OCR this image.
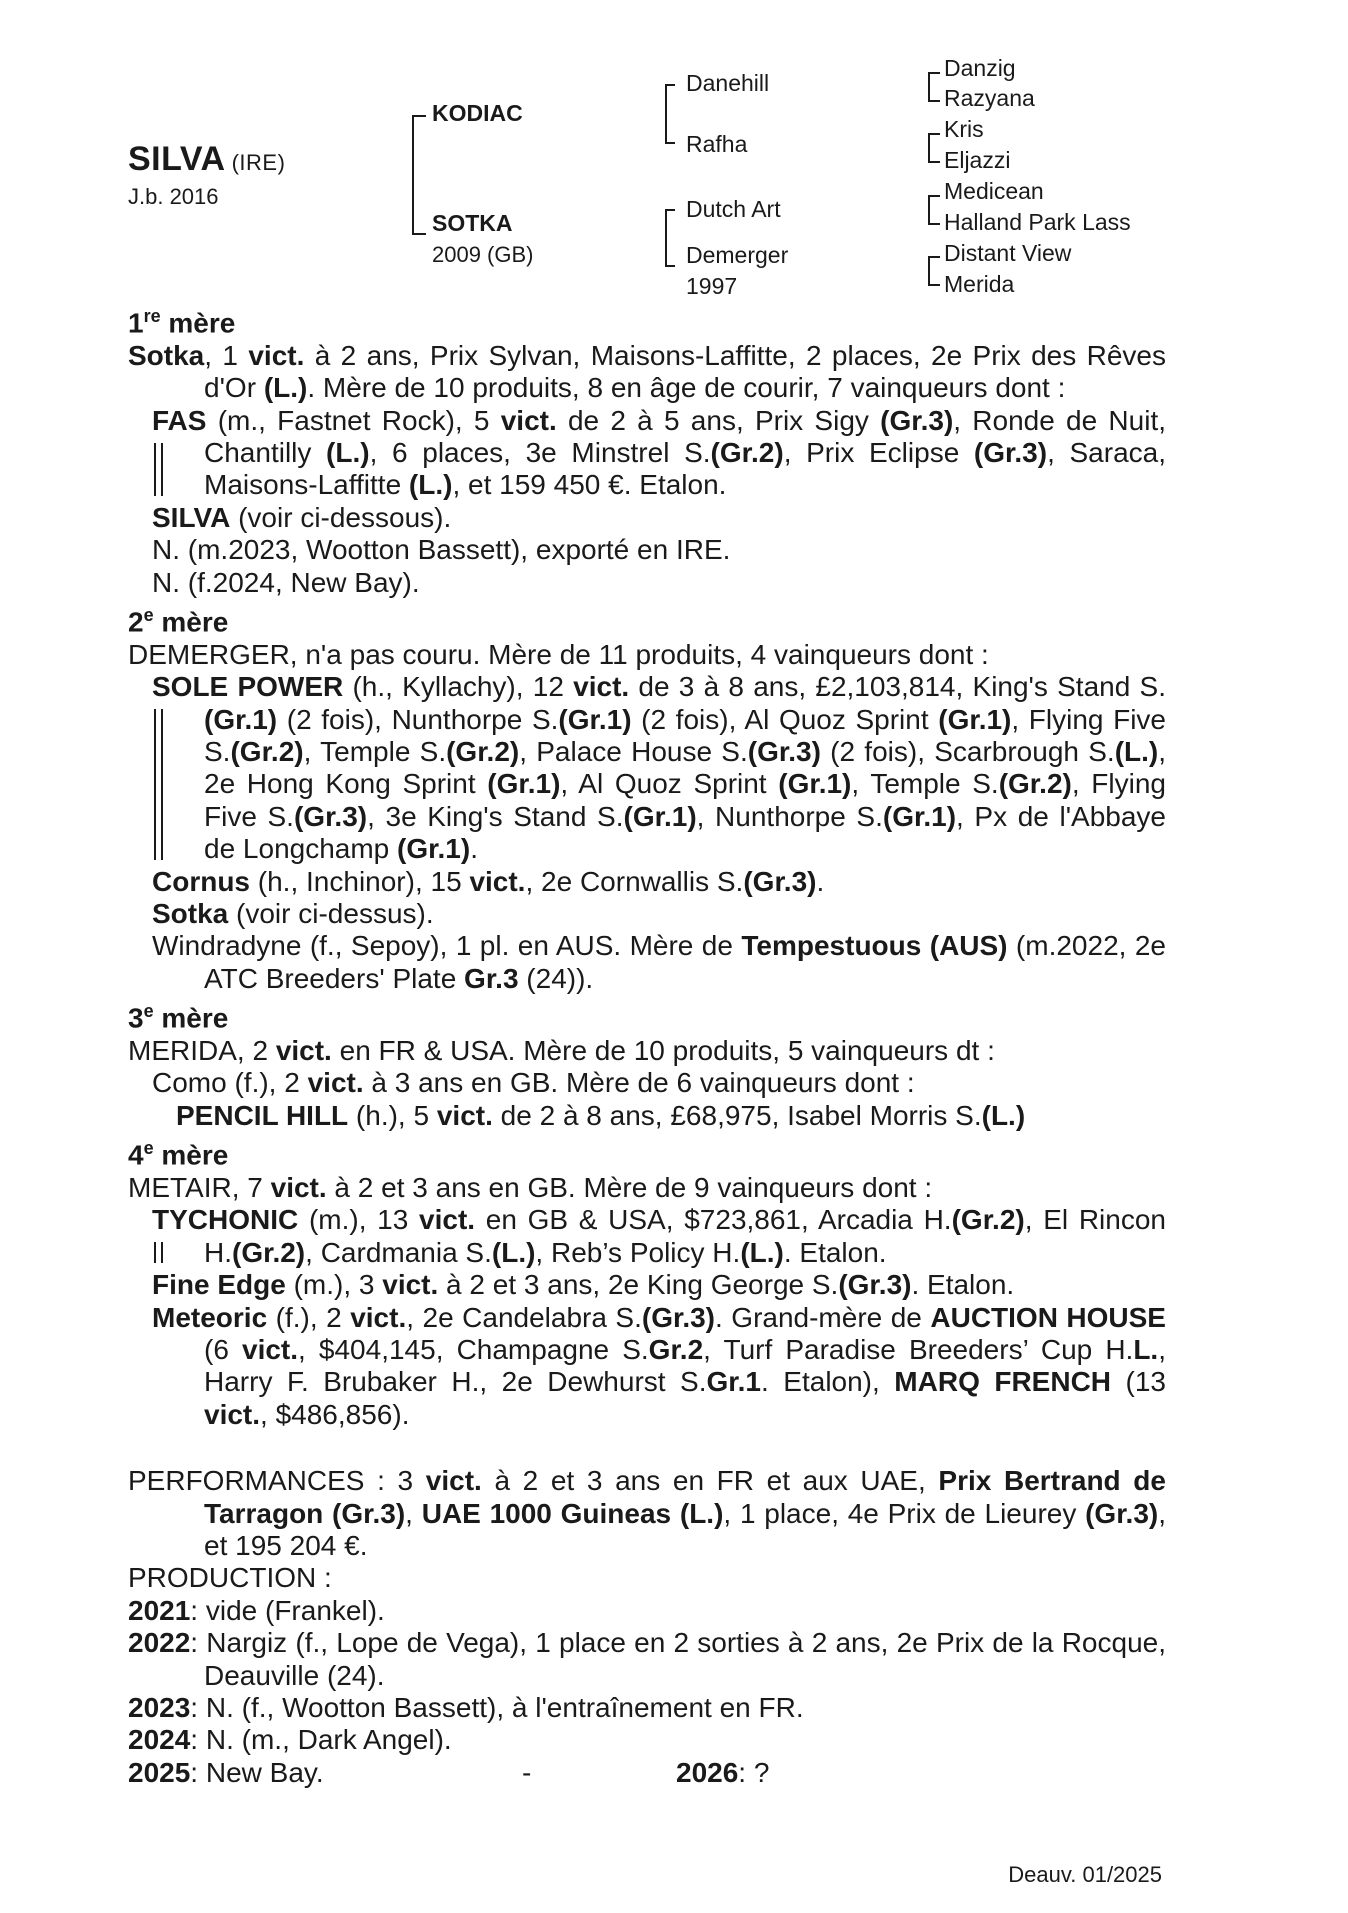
SILVA (IRE)
J.b. 2016
KODIAC
SOTKA
2009 (GB)
Danehill
Rafha
Dutch Art
Demerger
1997
Danzig
Razyana
Kris
Eljazzi
Medicean
Halland Park Lass
Distant View
Merida
1re mère
Sotka, 1 vict. à 2 ans, Prix Sylvan, Maisons-Laffitte, 2 places, 2e Prix des Rêves d'Or (L.). Mère de 10 produits, 8 en âge de courir, 7 vainqueurs dont :
FAS (m., Fastnet Rock), 5 vict. de 2 à 5 ans, Prix Sigy (Gr.3), Ronde de Nuit, Chantilly (L.), 6 places, 3e Minstrel S.(Gr.2), Prix Eclipse (Gr.3), Saraca, Maisons-Laffitte (L.), et 159 450 €. Etalon.
SILVA (voir ci-dessous).
N. (m.2023, Wootton Bassett), exporté en IRE.
N. (f.2024, New Bay).
2e mère
DEMERGER, n'a pas couru. Mère de 11 produits, 4 vainqueurs dont :
SOLE POWER (h., Kyllachy), 12 vict. de 3 à 8 ans, £2,103,814, King's Stand S.(Gr.1) (2 fois), Nunthorpe S.(Gr.1) (2 fois), Al Quoz Sprint (Gr.1), Flying Five S.(Gr.2), Temple S.(Gr.2), Palace House S.(Gr.3) (2 fois), Scarbrough S.(L.), 2e Hong Kong Sprint (Gr.1), Al Quoz Sprint (Gr.1), Temple S.(Gr.2), Flying Five S.(Gr.3), 3e King's Stand S.(Gr.1), Nunthorpe S.(Gr.1), Px de l'Abbaye de Longchamp (Gr.1).
Cornus (h., Inchinor), 15 vict., 2e Cornwallis S.(Gr.3).
Sotka (voir ci-dessus).
Windradyne (f., Sepoy), 1 pl. en AUS. Mère de Tempestuous (AUS) (m.2022, 2e ATC Breeders' Plate Gr.3 (24)).
3e mère
MERIDA, 2 vict. en FR & USA. Mère de 10 produits, 5 vainqueurs dt :
Como (f.), 2 vict. à 3 ans en GB. Mère de 6 vainqueurs dont :
PENCIL HILL (h.), 5 vict. de 2 à 8 ans, £68,975, Isabel Morris S.(L.)
4e mère
METAIR, 7 vict. à 2 et 3 ans en GB. Mère de 9 vainqueurs dont :
TYCHONIC (m.), 13 vict. en GB & USA, $723,861, Arcadia H.(Gr.2), El Rincon H.(Gr.2), Cardmania S.(L.), Reb’s Policy H.(L.). Etalon.
Fine Edge (m.), 3 vict. à 2 et 3 ans, 2e King George S.(Gr.3). Etalon.
Meteoric (f.), 2 vict., 2e Candelabra S.(Gr.3). Grand-mère de AUCTION HOUSE (6 vict., $404,145, Champagne S.Gr.2, Turf Paradise Breeders’ Cup H.L., Harry F. Brubaker H., 2e Dewhurst S.Gr.1. Etalon), MARQ FRENCH (13 vict., $486,856).
PERFORMANCES : 3 vict. à 2 et 3 ans en FR et aux UAE, Prix Bertrand de Tarragon (Gr.3), UAE 1000 Guineas (L.), 1 place, 4e Prix de Lieurey (Gr.3), et 195 204 €.
PRODUCTION :
2021: vide (Frankel).
2022: Nargiz (f., Lope de Vega), 1 place en 2 sorties à 2 ans, 2e Prix de la Rocque, Deauville (24).
2023: N. (f., Wootton Bassett), à l'entraînement en FR.
2024: N. (m., Dark Angel).
2025: New Bay.	-	2026: ?
Deauv. 01/2025
